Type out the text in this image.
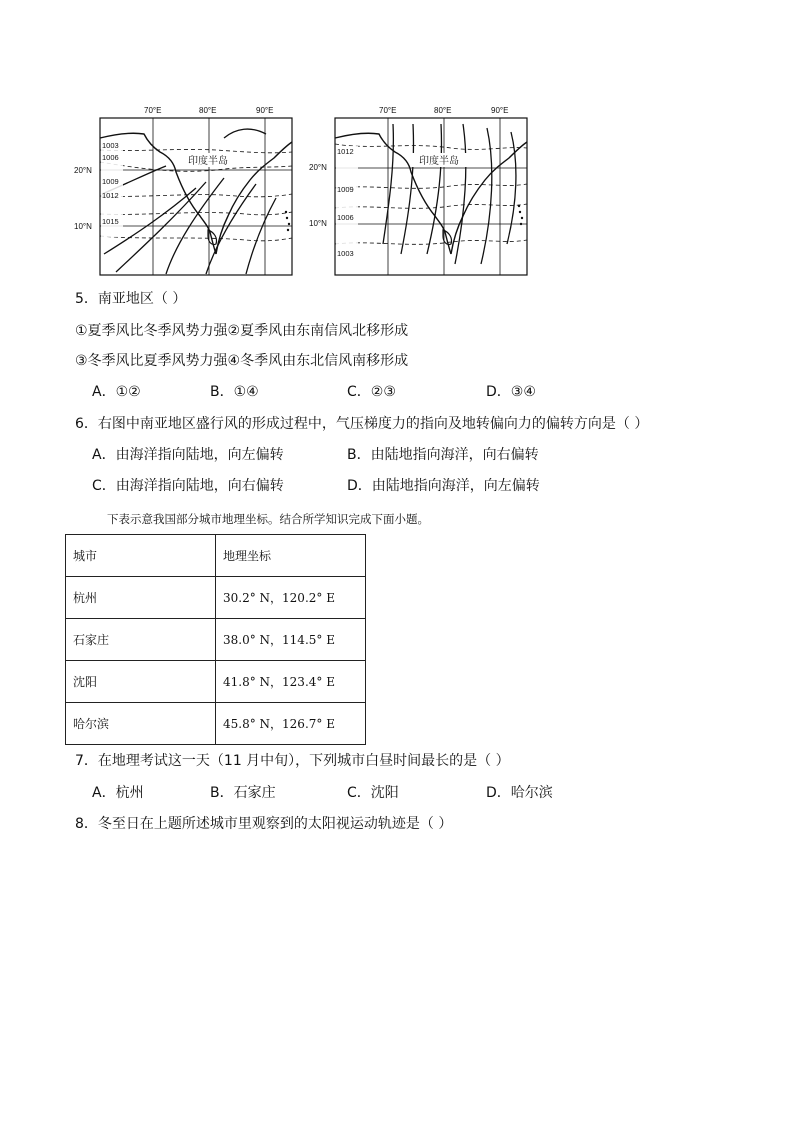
70°E	80°E	90°E
20°N
10°N
印度半岛
1003
1006
1009
1012
1015
70°E	80°E	90°E
20°N
10°N
印度半岛
1012
1009
1006
1003
5．南亚地区（ ）
①夏季风比冬季风势力强②夏季风由东南信风北移形成
③冬季风比夏季风势力强④冬季风由东北信风南移形成
A．①②	B．①④	C．②③	D．③④
6．右图中南亚地区盛行风的形成过程中，气压梯度力的指向及地转偏向力的偏转方向是（ ）
A．由海洋指向陆地，向左偏转	B．由陆地指向海洋，向右偏转
C．由海洋指向陆地，向右偏转	D．由陆地指向海洋，向左偏转
下表示意我国部分城市地理坐标。结合所学知识完成下面小题。
城市	地理坐标
杭州	30.2° N，120.2° E
石家庄	38.0° N，114.5° E
沈阳	41.8° N，123.4° E
哈尔滨	45.8° N，126.7° E
7．在地理考试这一天（11 月中旬），下列城市白昼时间最长的是（ ）
A．杭州	B．石家庄	C．沈阳	D．哈尔滨
8．冬至日在上题所述城市里观察到的太阳视运动轨迹是（ ）
